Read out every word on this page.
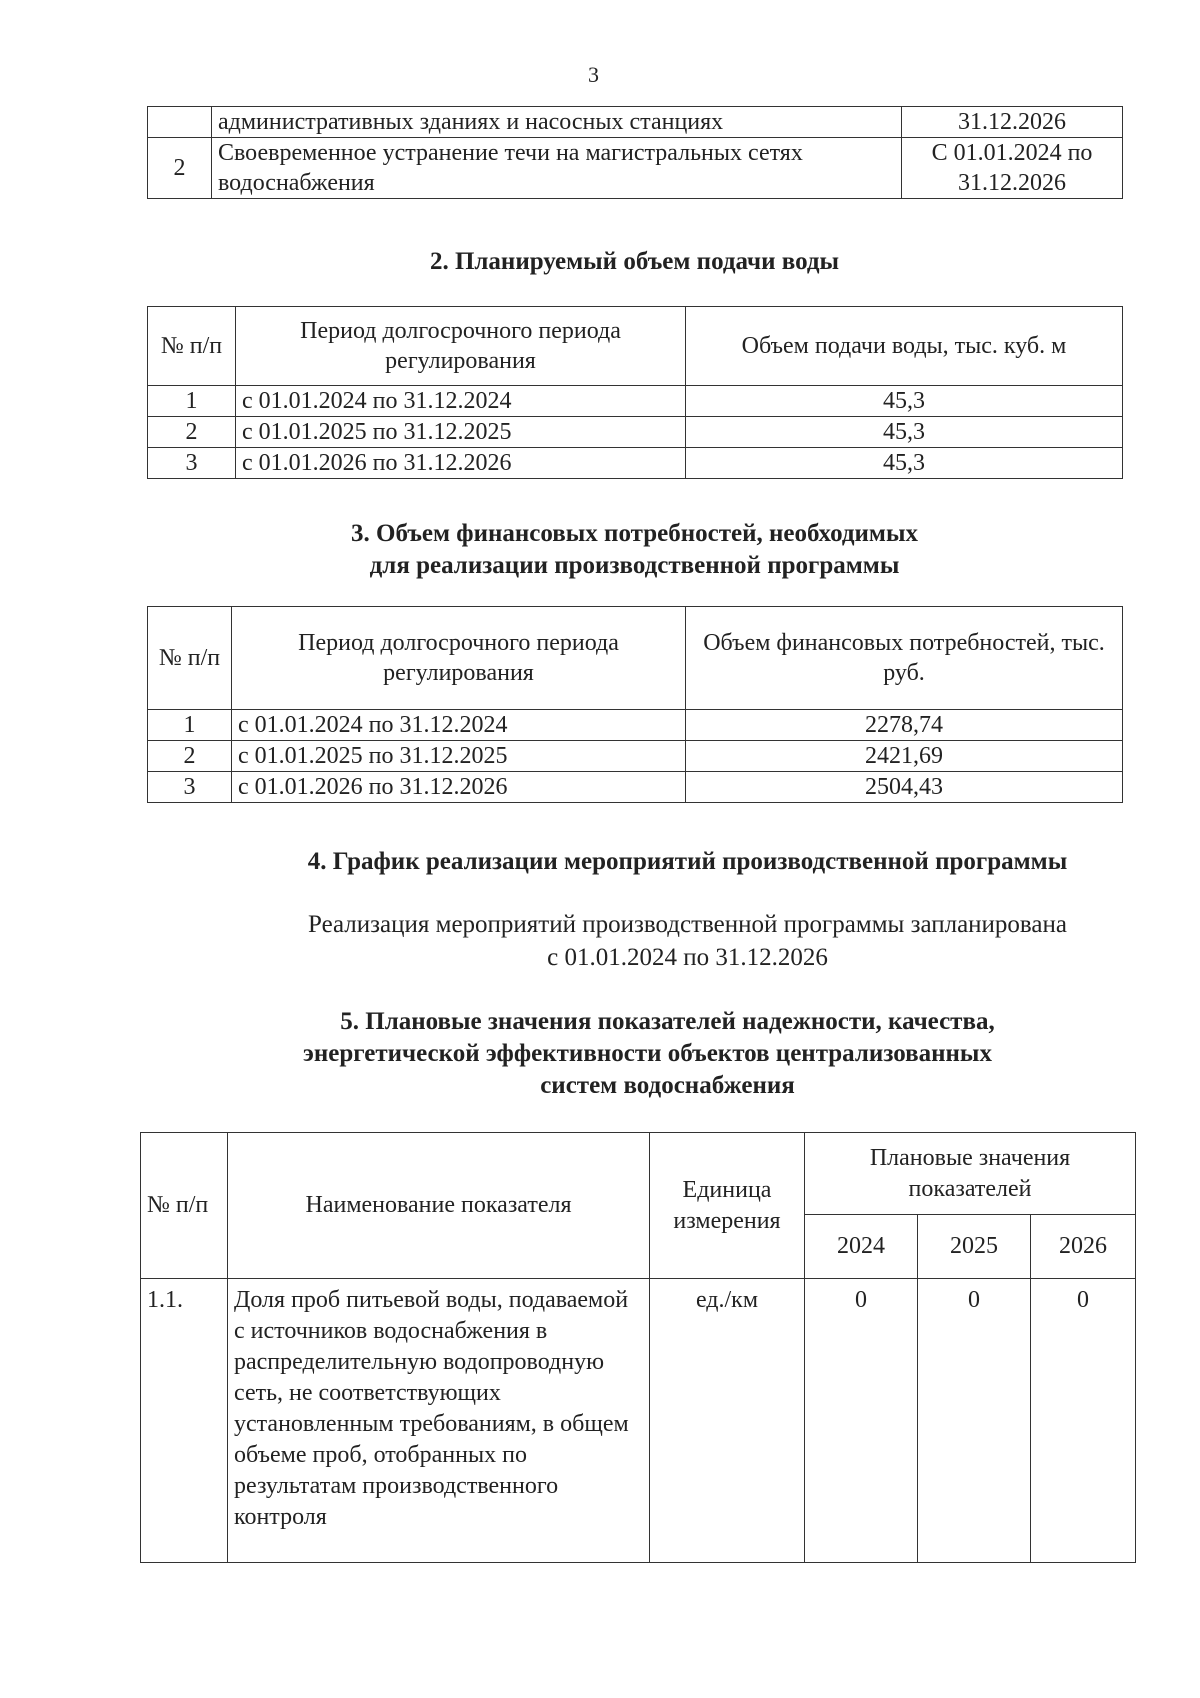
3
	административных зданиях и насосных станциях	31.12.2026
2	Своевременное устранение течи на магистральных сетях водоснабжения	С 01.01.2024 по 31.12.2026
2. Планируемый объем подачи воды
№ п/п	Период долгосрочного периода регулирования	Объем подачи воды, тыс. куб. м
1	с 01.01.2024 по 31.12.2024	45,3
2	с 01.01.2025 по 31.12.2025	45,3
3	с 01.01.2026 по 31.12.2026	45,3
3. Объем финансовых потребностей, необходимых
для реализации производственной программы
№ п/п	Период долгосрочного периода регулирования	Объем финансовых потребностей, тыс. руб.
1	с 01.01.2024 по 31.12.2024	2278,74
2	с 01.01.2025 по 31.12.2025	2421,69
3	с 01.01.2026 по 31.12.2026	2504,43
4. График реализации мероприятий производственной программы
Реализация мероприятий производственной программы запланирована
с 01.01.2024 по 31.12.2026
5. Плановые значения показателей надежности, качества,
энергетической эффективности объектов централизованных
систем водоснабжения
№ п/п	Наименование показателя	Единица измерения	Плановые значения показателей		
			2024	2025	2026
1.1.	Доля проб питьевой воды, подаваемой с источников водоснабжения в распределительную водопроводную сеть, не соответствующих установленным требованиям, в общем объеме проб, отобранных по результатам производственного контроля	ед./км	0	0	0
